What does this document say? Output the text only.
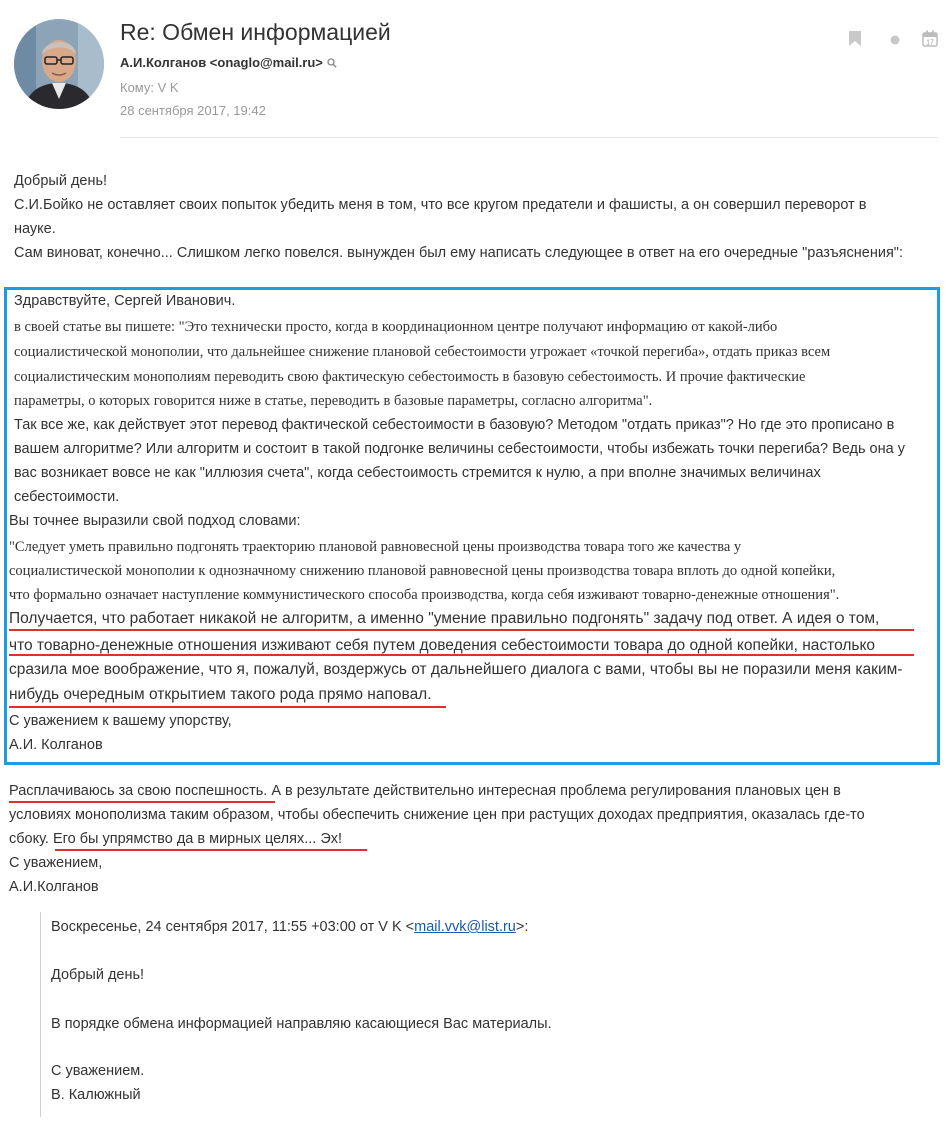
Re: Обмен информацией
А.И.Колганов <onaglo@mail.ru>
Кому: V K
28 сентября 2017, 19:42
17
Добрый день!
С.И.Бойко не оставляет своих попыток убедить меня в том, что все кругом предатели и фашисты, а он совершил переворот в
науке.
Сам виноват, конечно... Слишком легко повелся. вынужден был ему написать следующее в ответ на его очередные "разъяснения":
Здравствуйте, Сергей Иванович.
в своей статье вы пишете: "Это технически просто, когда в координационном центре получают информацию от какой-либо
социалистической монополии, что дальнейшее снижение плановой себестоимости угрожает «точкой перегиба», отдать приказ всем
социалистическим монополиям переводить свою фактическую себестоимость в базовую себестоимость. И прочие фактические
параметры, о которых говорится ниже в статье, переводить в базовые параметры, согласно алгоритма".
Так все же, как действует этот перевод фактической себестоимости в базовую? Методом "отдать приказ"? Но где это прописано в
вашем алгоритме? Или алгоритм и состоит в такой подгонке величины себестоимости, чтобы избежать точки перегиба? Ведь она у
вас возникает вовсе не как "иллюзия счета", когда себестоимость стремится к нулю, а при вполне значимых величинах
себестоимости.
Вы точнее выразили свой подход словами:
"Следует уметь правильно подгонять траекторию плановой равновесной цены производства товара того же качества у
социалистической монополии к однозначному снижению плановой равновесной цены производства товара вплоть до одной копейки,
что формально означает наступление коммунистического способа производства, когда себя изживают товарно-денежные отношения".
Получается, что работает никакой не алгоритм, а именно "умение правильно подгонять" задачу под ответ. А идея о том,
что товарно-денежные отношения изживают себя путем доведения себестоимости товара до одной копейки, настолько
сразила мое воображение, что я, пожалуй, воздержусь от дальнейшего диалога с вами, чтобы вы не поразили меня каким-
нибудь очередным открытием такого рода прямо наповал.
С уважением к вашему упорству,
А.И. Колганов
Расплачиваюсь за свою поспешность. А в результате действительно интересная проблема регулирования плановых цен в
условиях монополизма таким образом, чтобы обеспечить снижение цен при растущих доходах предприятия, оказалась где-то
сбоку. Его бы упрямство да в мирных целях... Эх!
С уважением,
А.И.Колганов
Воскресенье, 24 сентября 2017, 11:55 +03:00 от V K <mail.vvk@list.ru>:
Добрый день!
В порядке обмена информацией направляю касающиеся Вас материалы.
С уважением.
В. Калюжный
